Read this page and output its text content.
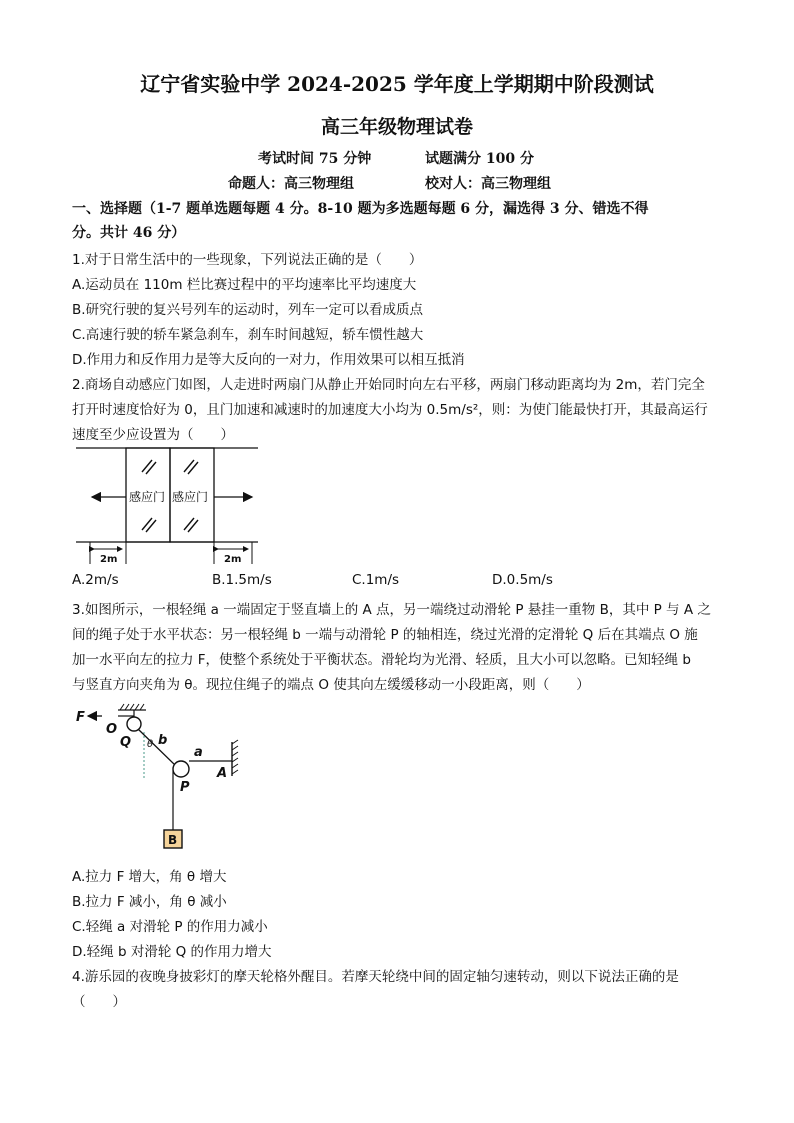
辽宁省实验中学 2024-2025 学年度上学期期中阶段测试
高三年级物理试卷
考试时间 75 分钟	试题满分 100 分
命题人：高三物理组	校对人：高三物理组
一、选择题（1-7 题单选题每题 4 分。8-10 题为多选题每题 6 分，漏选得 3 分、错选不得
分。共计 46 分）
1.对于日常生活中的一些现象，下列说法正确的是（　　）
A.运动员在 110m 栏比赛过程中的平均速率比平均速度大
B.研究行驶的复兴号列车的运动时，列车一定可以看成质点
C.高速行驶的轿车紧急刹车，刹车时间越短，轿车惯性越大
D.作用力和反作用力是等大反向的一对力，作用效果可以相互抵消
2.商场自动感应门如图，人走进时两扇门从静止开始同时向左右平移，两扇门移动距离均为 2m，若门完全
打开时速度恰好为 0，且门加速和减速时的加速度大小均为 0.5m/s²，则：为使门能最快打开，其最高运行
速度至少应设置为（　　）
感应门 感应门
2m	2m
A.2m/s	B.1.5m/s	C.1m/s	D.0.5m/s
3.如图所示，一根轻绳 a 一端固定于竖直墙上的 A 点，另一端绕过动滑轮 P 悬挂一重物 B，其中 P 与 A 之
间的绳子处于水平状态：另一根轻绳 b 一端与动滑轮 P 的轴相连，绕过光滑的定滑轮 Q 后在其端点 O 施
加一水平向左的拉力 F，使整个系统处于平衡状态。滑轮均为光滑、轻质，且大小可以忽略。已知轻绳 b
与竖直方向夹角为 θ。现拉住绳子的端点 O 使其向左缓缓移动一小段距离，则（　　）
F
O
Q θ b
a
A
P
B
A.拉力 F 增大，角 θ 增大
B.拉力 F 减小，角 θ 减小
C.轻绳 a 对滑轮 P 的作用力减小
D.轻绳 b 对滑轮 Q 的作用力增大
4.游乐园的夜晚身披彩灯的摩天轮格外醒目。若摩天轮绕中间的固定轴匀速转动，则以下说法正确的是
（　　）
